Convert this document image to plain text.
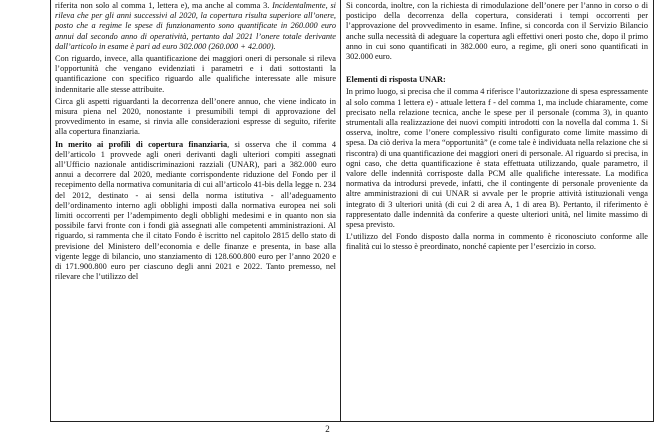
riferita non solo al comma 1, lettera e), ma anche al comma 3. Incidentalmente, si rileva che per gli anni successivi al 2020, la copertura risulta superiore all’onere, posto che a regime le spese di funzionamento sono quantificate in 260.000 euro annui dal secondo anno di operatività, pertanto dal 2021 l’onere totale derivante dall’articolo in esame è pari ad euro 302.000 (260.000 + 42.000).

Con riguardo, invece, alla quantificazione dei maggiori oneri di personale si rileva l’opportunità che vengano evidenziati i parametri e i dati sottostanti la quantificazione con specifico riguardo alle qualifiche interessate alle misure indennitarie alle stesse attribuite.

Circa gli aspetti riguardanti la decorrenza dell’onere annuo, che viene indicato in misura piena nel 2020, nonostante i presumibili tempi di approvazione del provvedimento in esame, si rinvia alle considerazioni espresse di seguito, riferite alla copertura finanziaria.

In merito ai profili di copertura finanziaria, si osserva che il comma 4 dell’articolo 1 provvede agli oneri derivanti dagli ulteriori compiti assegnati all’Ufficio nazionale antidiscriminazioni razziali (UNAR), pari a 382.000 euro annui a decorrere dal 2020, mediante corrispondente riduzione del Fondo per il recepimento della normativa comunitaria di cui all’articolo 41-bis della legge n. 234 del 2012, destinato - ai sensi della norma istitutiva - all’adeguamento dell’ordinamento interno agli obblighi imposti dalla normativa europea nei soli limiti occorrenti per l’adempimento degli obblighi medesimi e in quanto non sia possibile farvi fronte con i fondi già assegnati alle competenti amministrazioni. Al riguardo, si rammenta che il citato Fondo è iscritto nel capitolo 2815 dello stato di previsione del Ministero dell’economia e delle finanze e presenta, in base alla vigente legge di bilancio, uno stanziamento di 128.600.800 euro per l’anno 2020 e di 171.900.800 euro per ciascuno degli anni 2021 e 2022. Tanto premesso, nel rilevare che l’utilizzo del

Si concorda, inoltre, con la richiesta di rimodulazione dell’onere per l’anno in corso o di posticipo della decorrenza della copertura, considerati i tempi occorrenti per l’approvazione del provvedimento in esame. Infine, si concorda con il Servizio Bilancio anche sulla necessità di adeguare la copertura agli effettivi oneri posto che, dopo il primo anno in cui sono quantificati in 382.000 euro, a regime, gli oneri sono quantificati in 302.000 euro.

Elementi di risposta UNAR:

In primo luogo, si precisa che il comma 4 riferisce l’autorizzazione di spesa espressamente al solo comma 1 lettera e) - attuale lettera f - del comma 1, ma include chiaramente, come precisato nella relazione tecnica, anche le spese per il personale (comma 3), in quanto strumentali alla realizzazione dei nuovi compiti introdotti con la novella dal comma 1. Si osserva, inoltre, come l’onere complessivo risulti configurato come limite massimo di spesa. Da ciò deriva la mera “opportunità” (e come tale è individuata nella relazione che si riscontra) di una quantificazione dei maggiori oneri di personale. Al riguardo si precisa, in ogni caso, che detta quantificazione è stata effettuata utilizzando, quale parametro, il valore delle indennità corrisposte dalla PCM alle qualifiche interessate. La modifica normativa da introdursi prevede, infatti, che il contingente di personale proveniente da altre amministrazioni di cui UNAR si avvale per le proprie attività istituzionali venga integrato di 3 ulteriori unità (di cui 2 di area A, 1 di area B). Pertanto, il riferimento è rappresentato dalle indennità da conferire a queste ulteriori unità, nel limite massimo di spesa previsto.

L’utilizzo del Fondo disposto dalla norma in commento è riconosciuto conforme alle finalità cui lo stesso è preordinato, nonché capiente per l’esercizio in corso.

2
